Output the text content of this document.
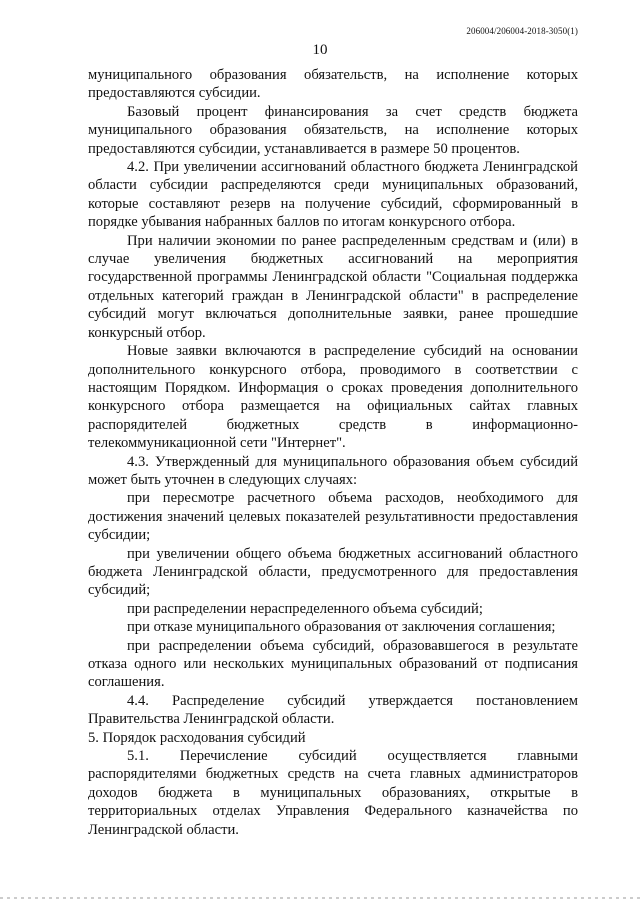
206004/206004-2018-3050(1)
10

муниципального образования обязательств, на исполнение которых предоставляются субсидии.

Базовый процент финансирования за счет средств бюджета муниципального образования обязательств, на исполнение которых предоставляются субсидии, устанавливается в размере 50 процентов.

4.2. При увеличении ассигнований областного бюджета Ленинградской области субсидии распределяются среди муниципальных образований, которые составляют резерв на получение субсидий, сформированный в порядке убывания набранных баллов по итогам конкурсного отбора.

При наличии экономии по ранее распределенным средствам и (или) в случае увеличения бюджетных ассигнований на мероприятия государственной программы Ленинградской области "Социальная поддержка отдельных категорий граждан в Ленинградской области" в распределение субсидий могут включаться дополнительные заявки, ранее прошедшие конкурсный отбор.

Новые заявки включаются в распределение субсидий на основании дополнительного конкурсного отбора, проводимого в соответствии с настоящим Порядком. Информация о сроках проведения дополнительного конкурсного отбора размещается на официальных сайтах главных распорядителей бюджетных средств в информационно-телекоммуникационной сети "Интернет".

4.3. Утвержденный для муниципального образования объем субсидий может быть уточнен в следующих случаях:

при пересмотре расчетного объема расходов, необходимого для достижения значений целевых показателей результативности предоставления субсидии;

при увеличении общего объема бюджетных ассигнований областного бюджета Ленинградской области, предусмотренного для предоставления субсидий;

при распределении нераспределенного объема субсидий;

при отказе муниципального образования от заключения соглашения;

при распределении объема субсидий, образовавшегося в результате отказа одного или нескольких муниципальных образований от подписания соглашения.

4.4. Распределение субсидий утверждается постановлением Правительства Ленинградской области.

5. Порядок расходования субсидий

5.1. Перечисление субсидий осуществляется главными распорядителями бюджетных средств на счета главных администраторов доходов бюджета в муниципальных образованиях, открытые в территориальных отделах Управления Федерального казначейства по Ленинградской области.
